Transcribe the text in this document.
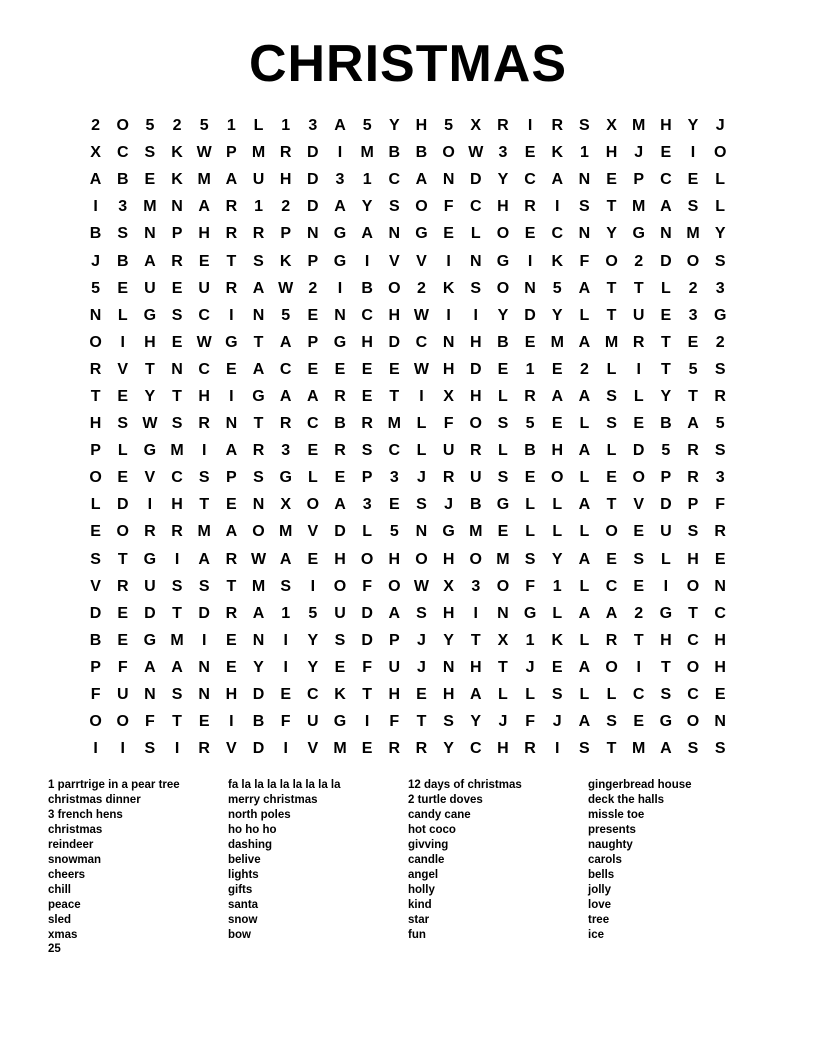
CHRISTMAS
2	O	5	2	5	1	L	1	3	A	5	Y	H	5	X	R	I	R	S	X M H	Y	J
X	C	S	K W P M R D	I	M B B O W 3	E	K	1	H	J	E	I	O
A B	E	K M A U H D	3	1	C A N D	Y	C A N	E	P	C	E	L
I	3	M N A R	1	2	D A	Y	S O	F	C H R	I	S	T M A	S	L
B	S	N	P	H R R	P	N G A N G E	L	O E	C N	Y G N M Y
J	B A R	E	T	S	K	P G	I	V	V	I	N G	I	K	F	O	2	D O S
5	E	U	E	U R A W 2	I	B O	2	K	S O N	5	A	T	T	L	2	3
N	L	G S	C	I	N	5	E	N C H W	I	I	Y	D	Y	L	T	U	E	3	G
O	I	H	E W G	T	A	P G H D C N H B	E M A M R	T	E	2
R	V	T	N C	E	A C	E	E	E	E W H D	E	1	E	2	L	I	T	5	S
T	E	Y	T	H	I	G A A R	E	T	I	X	H	L	R A A	S	L	Y	T	R
H	S W S	R N	T	R C B R M L	F	O S	5	E	L	S	E	B A	5
P	L	G M	I	A R	3	E	R	S	C	L	U R	L	B H A	L	D	5	R	S
O E	V	C	S	P	S G	L	E	P	3	J	R U	S	E O	L	E O P	R	3
L	D	I	H	T	E	N	X O A	3	E	S	J	B G	L	L	A	T	V	D	P	F
E O R R M A O M V	D	L	5	N G M E	L	L	L	O E	U	S	R
S	T	G	I	A R W A	E	H O H O H O M S	Y	A	E	S	L	H	E
V	R U	S	S	T M S	I	O	F	O W X	3	O	F	1	L	C	E	I	O N
D	E	D	T	D R A	1	5	U D A	S	H	I	N G	L	A A	2	G	T	C
B	E G M	I	E	N	I	Y	S	D	P	J	Y	T	X	1	K	L	R	T	H C H
P	F	A A N	E	Y	I	Y	E	F	U	J	N H	T	J	E	A O	I	T	O H
F	U N	S	N H D	E	C K	T	H	E	H A	L	L	S	L	L	C	S	C	E
O O	F	T	E	I	B	F	U G	I	F	T	S	Y	J	F	J	A	S	E G O N
I	I	S	I	R	V	D	I	V M E	R R	Y	C H R	I	S	T M A	S	S
1 parrtrige in a pear tree
christmas dinner
3 french hens
christmas
reindeer
snowman
cheers
chill
peace
sled
xmas
25
fa la la la la la la la la
merry christmas
north poles
ho ho ho
dashing
belive
lights
gifts
santa
snow
bow
12 days of christmas
2 turtle doves
candy cane
hot coco
givving
candle
angel
holly
kind
star
fun
gingerbread house
deck the halls
missle toe
presents
naughty
carols
bells
jolly
love
tree
ice
